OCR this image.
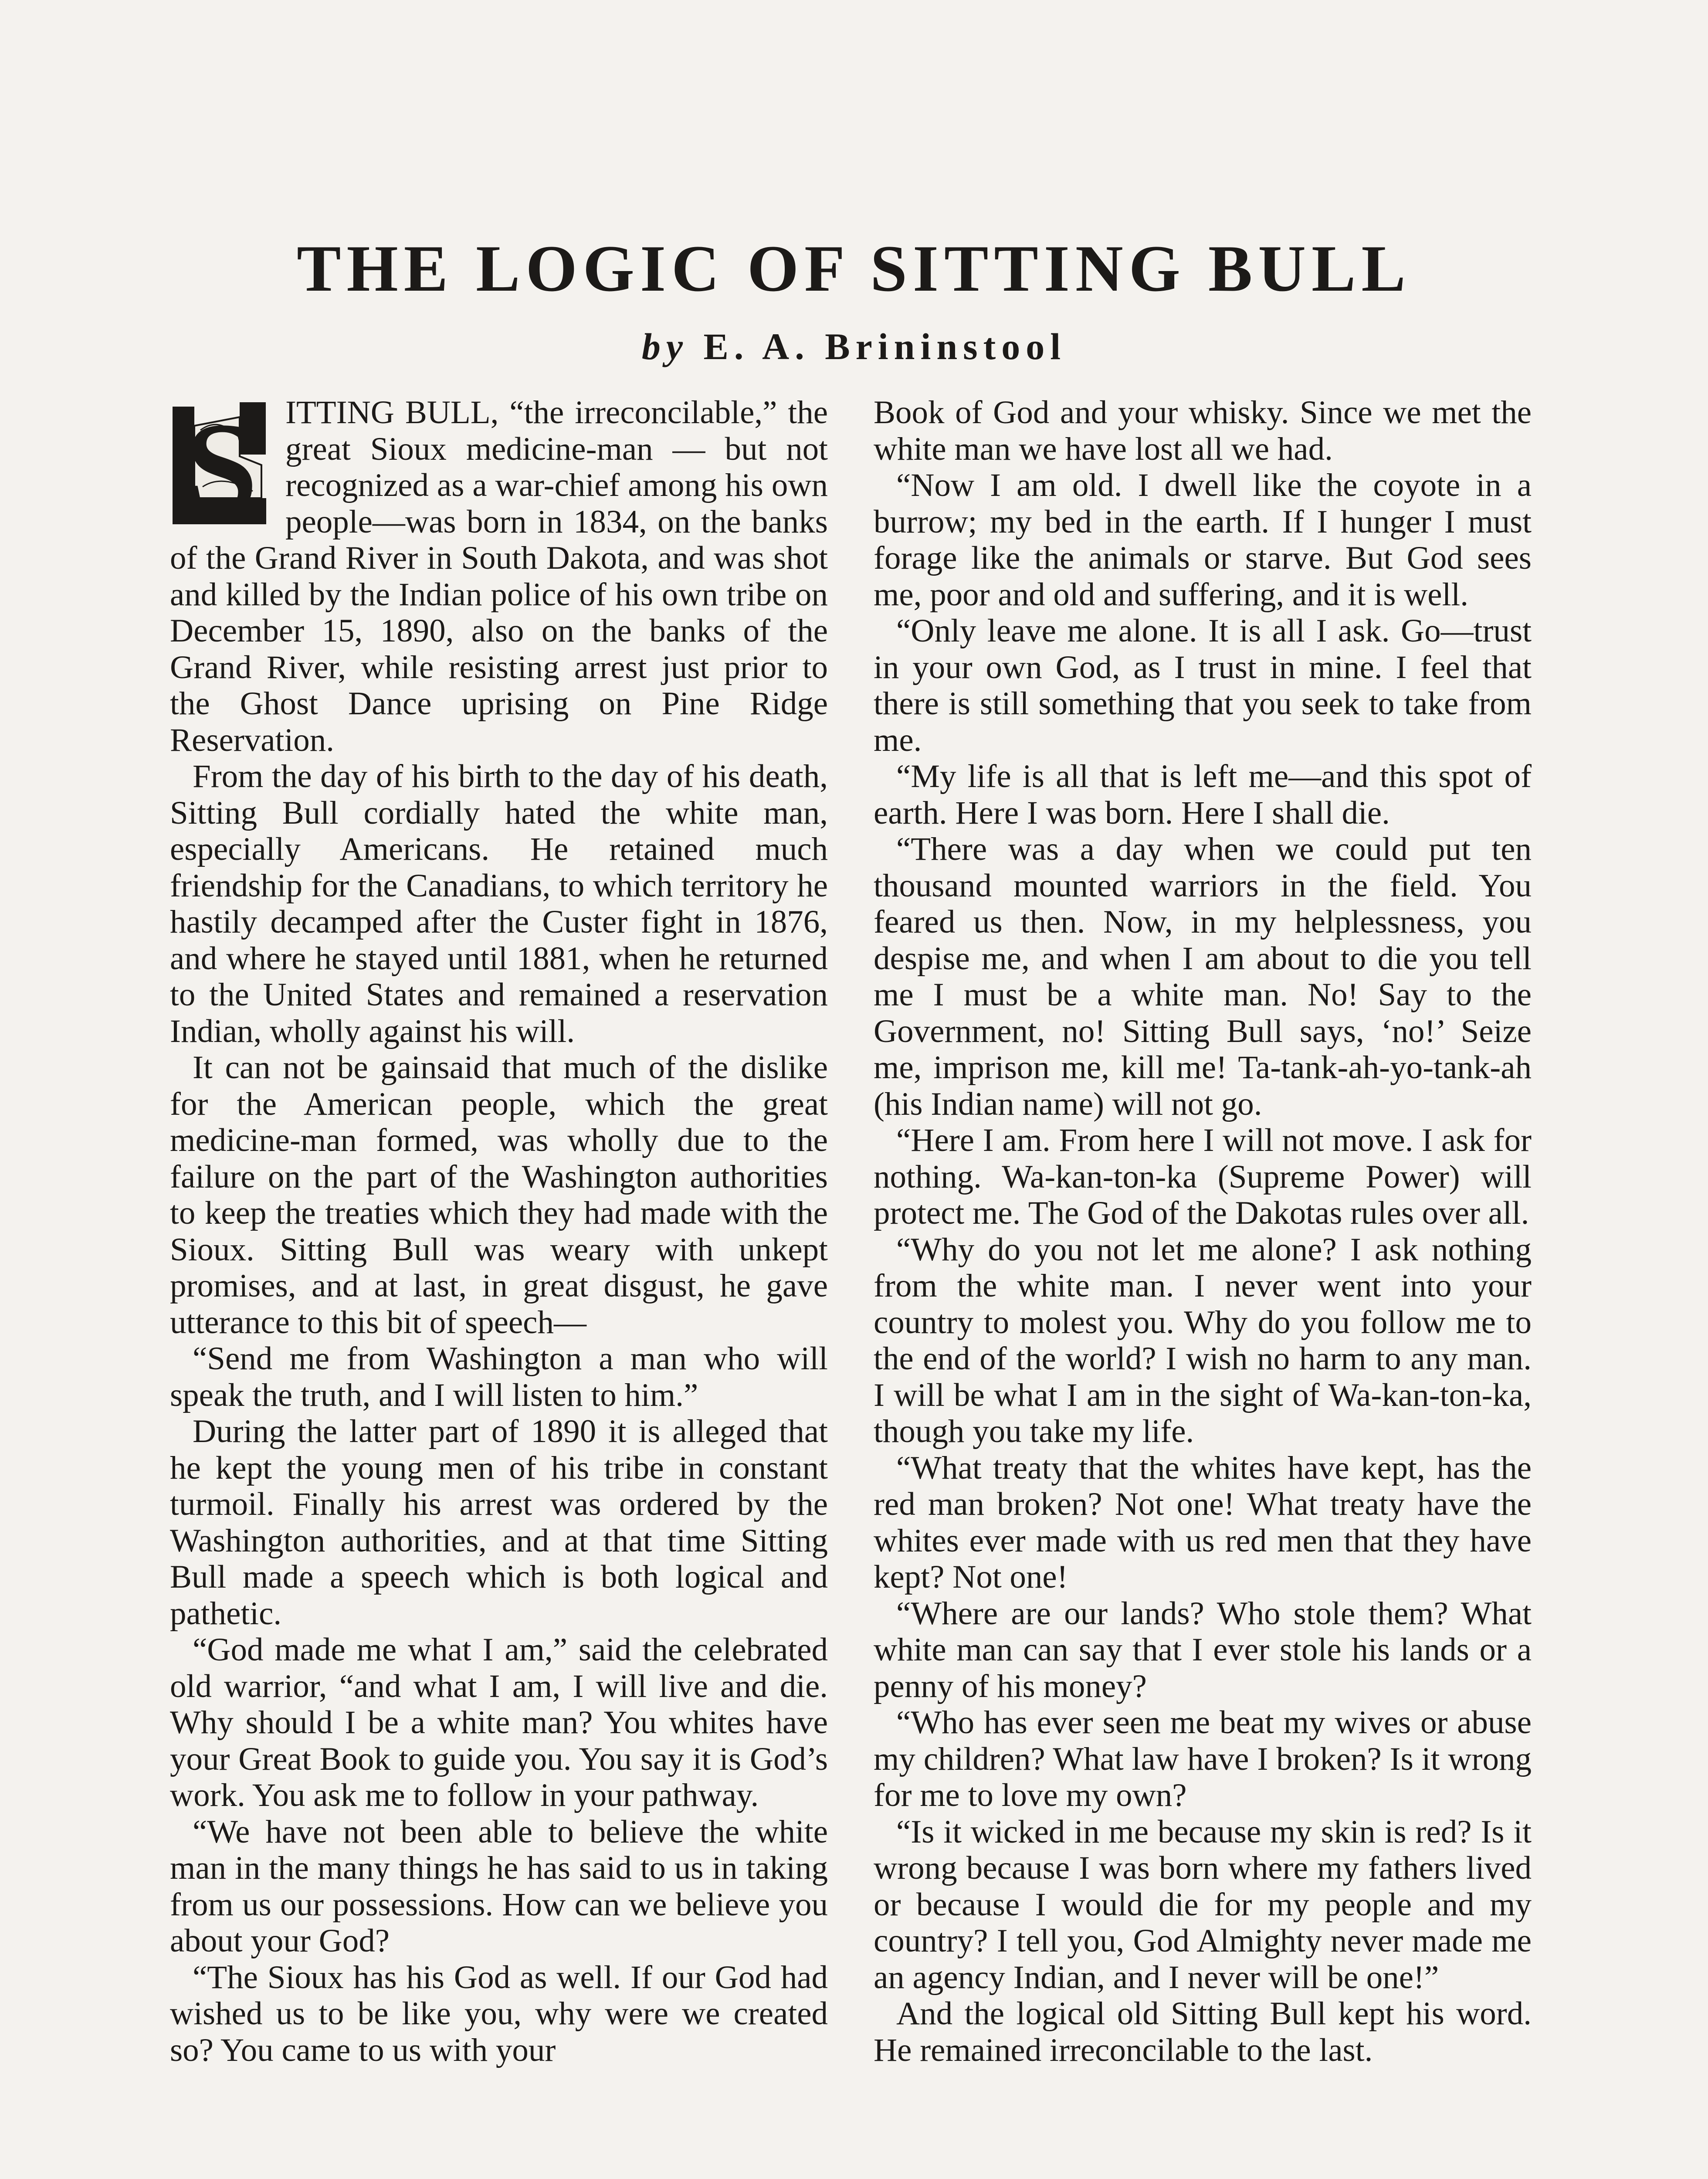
THE LOGIC OF SITTING BULL
by E. A. Brininstool
S ITTING BULL, “the irreconcilable,” the great Sioux medicine-man — but not recognized as a war-chief among his own people—was born in 1834, on the banks of the Grand River in South Dakota, and was shot and killed by the Indian police of his own tribe on December 15, 1890, also on the banks of the Grand River, while resisting arrest just prior to the Ghost Dance uprising on Pine Ridge Reservation.

From the day of his birth to the day of his death, Sitting Bull cordially hated the white man, especially Americans. He retained much friendship for the Canadians, to which territory he hastily decamped after the Custer fight in 1876, and where he stayed until 1881, when he returned to the United States and remained a reservation Indian, wholly against his will.

It can not be gainsaid that much of the dislike for the American people, which the great medicine-man formed, was wholly due to the failure on the part of the Washington authorities to keep the treaties which they had made with the Sioux. Sitting Bull was weary with unkept promises, and at last, in great disgust, he gave utterance to this bit of speech—

“Send me from Washington a man who will speak the truth, and I will listen to him.”

During the latter part of 1890 it is alleged that he kept the young men of his tribe in constant turmoil. Finally his arrest was ordered by the Washington authorities, and at that time Sitting Bull made a speech which is both logical and pathetic.

“God made me what I am,” said the celebrated old warrior, “and what I am, I will live and die. Why should I be a white man? You whites have your Great Book to guide you. You say it is God’s work. You ask me to follow in your pathway.

“We have not been able to believe the white man in the many things he has said to us in taking from us our possessions. How can we believe you about your God?

“The Sioux has his God as well. If our God had wished us to be like you, why were we created so? You came to us with your

Book of God and your whisky. Since we met the white man we have lost all we had.

“Now I am old. I dwell like the coyote in a burrow; my bed in the earth. If I hunger I must forage like the animals or starve. But God sees me, poor and old and suffering, and it is well.

“Only leave me alone. It is all I ask. Go—trust in your own God, as I trust in mine. I feel that there is still something that you seek to take from me.

“My life is all that is left me—and this spot of earth. Here I was born. Here I shall die.

“There was a day when we could put ten thousand mounted warriors in the field. You feared us then. Now, in my helplessness, you despise me, and when I am about to die you tell me I must be a white man. No! Say to the Government, no! Sitting Bull says, ‘no!’ Seize me, imprison me, kill me! Ta-tank-ah-yo-tank-ah (his Indian name) will not go.

“Here I am. From here I will not move. I ask for nothing. Wa-kan-ton-ka (Supreme Power) will protect me. The God of the Dakotas rules over all.

“Why do you not let me alone? I ask nothing from the white man. I never went into your country to molest you. Why do you follow me to the end of the world? I wish no harm to any man. I will be what I am in the sight of Wa-kan-ton-ka, though you take my life.

“What treaty that the whites have kept, has the red man broken? Not one! What treaty have the whites ever made with us red men that they have kept? Not one!

“Where are our lands? Who stole them? What white man can say that I ever stole his lands or a penny of his money?

“Who has ever seen me beat my wives or abuse my children? What law have I broken? Is it wrong for me to love my own?

“Is it wicked in me because my skin is red? Is it wrong because I was born where my fathers lived or because I would die for my people and my country? I tell you, God Almighty never made me an agency Indian, and I never will be one!”

And the logical old Sitting Bull kept his word. He remained irreconcilable to the last.
